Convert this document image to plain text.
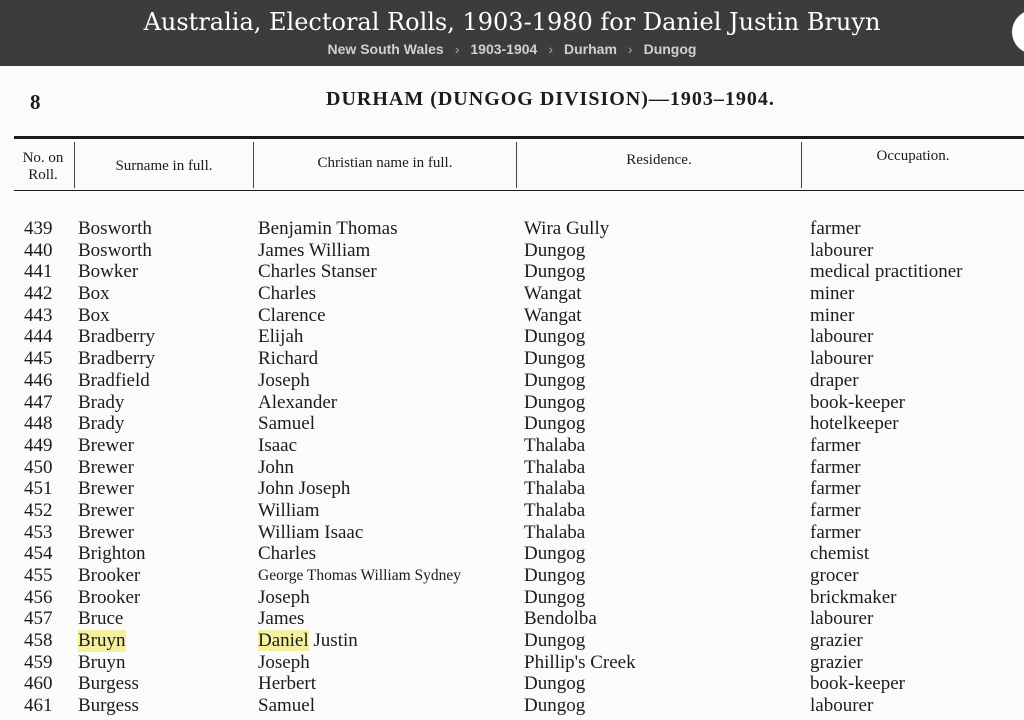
Australia, Electoral Rolls, 1903-1980 for Daniel Justin Bruyn
New South Wales › 1903-1904 › Durham › Dungog
8	DURHAM (DUNGOG DIVISION)—1903–1904.
No. on
Roll.
Surname in full.	Christian name in full.	Residence.	Occupation.
439 Bosworth	Benjamin Thomas	Wira Gully	farmer
440 Bosworth	James William	Dungog	labourer
441 Bowker	Charles Stanser	Dungog	medical practitioner
442 Box	Charles	Wangat	miner
443 Box	Clarence	Wangat	miner
444 Bradberry	Elijah	Dungog	labourer
445 Bradberry	Richard	Dungog	labourer
446 Bradfield	Joseph	Dungog	draper
447 Brady	Alexander	Dungog	book-keeper
448 Brady	Samuel	Dungog	hotelkeeper
449 Brewer	Isaac	Thalaba	farmer
450 Brewer	John	Thalaba	farmer
451 Brewer	John Joseph	Thalaba	farmer
452 Brewer	William	Thalaba	farmer
453 Brewer	William Isaac	Thalaba	farmer
454 Brighton	Charles	Dungog	chemist
455 Brooker	George Thomas William Sydney	Dungog	grocer
456 Brooker	Joseph	Dungog	brickmaker
457 Bruce	James	Bendolba	labourer
458 Bruyn	Daniel Justin	Dungog	grazier
459 Bruyn	Joseph	Phillip's Creek	grazier
460 Burgess	Herbert	Dungog	book-keeper
461 Burgess	Samuel	Dungog	labourer
